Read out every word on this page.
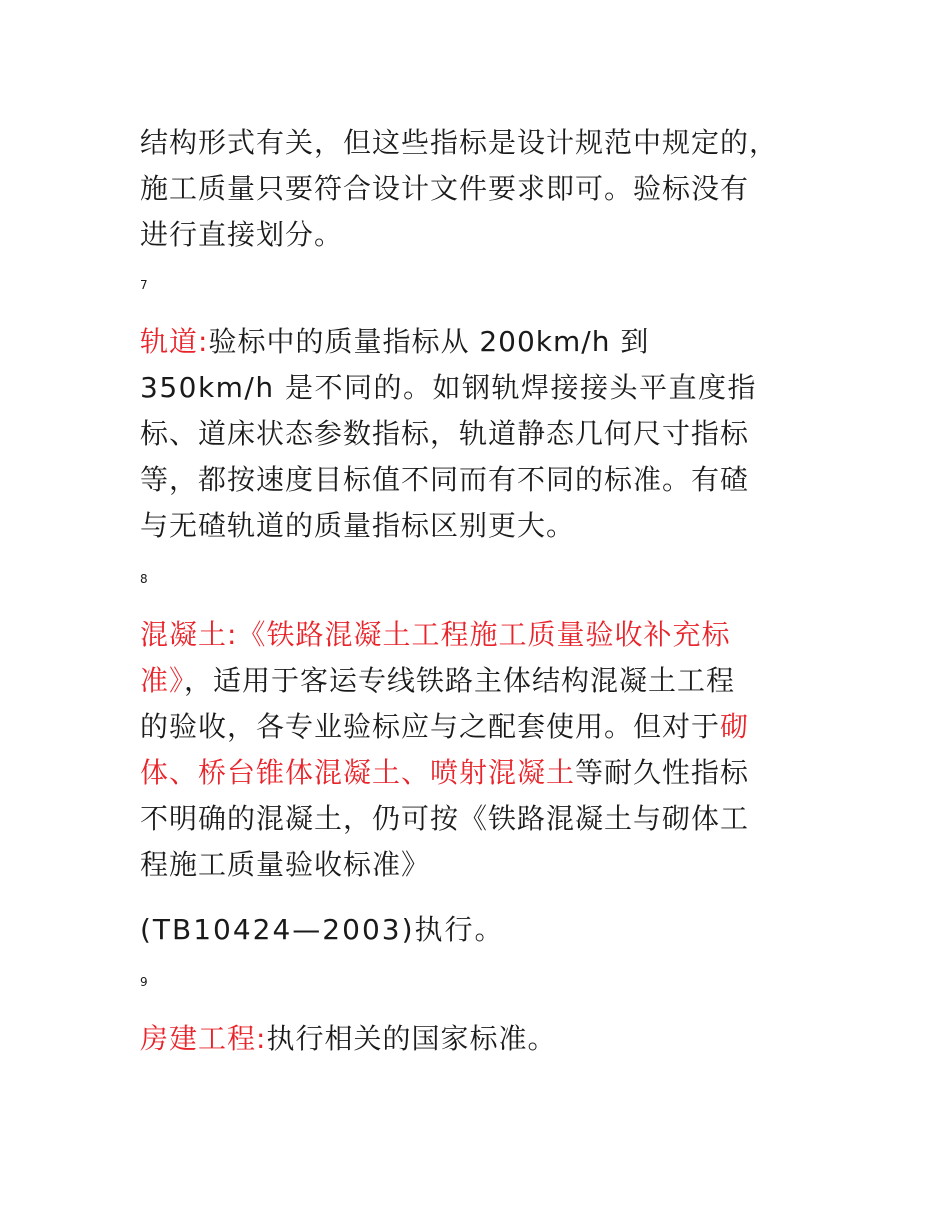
结构形式有关，但这些指标是设计规范中规定的，
施工质量只要符合设计文件要求即可。验标没有
进行直接划分。
7
轨道:验标中的质量指标从 200km/h 到
350km/h 是不同的。如钢轨焊接接头平直度指
标、道床状态参数指标，轨道静态几何尺寸指标
等，都按速度目标值不同而有不同的标准。有碴
与无碴轨道的质量指标区别更大。
8
混凝土:《铁路混凝土工程施工质量验收补充标
准》，适用于客运专线铁路主体结构混凝土工程
的验收，各专业验标应与之配套使用。但对于砌
体、桥台锥体混凝土、喷射混凝土等耐久性指标
不明确的混凝土，仍可按《铁路混凝土与砌体工
程施工质量验收标准》
(TB10424—2003)执行。
9
房建工程:执行相关的国家标准。
